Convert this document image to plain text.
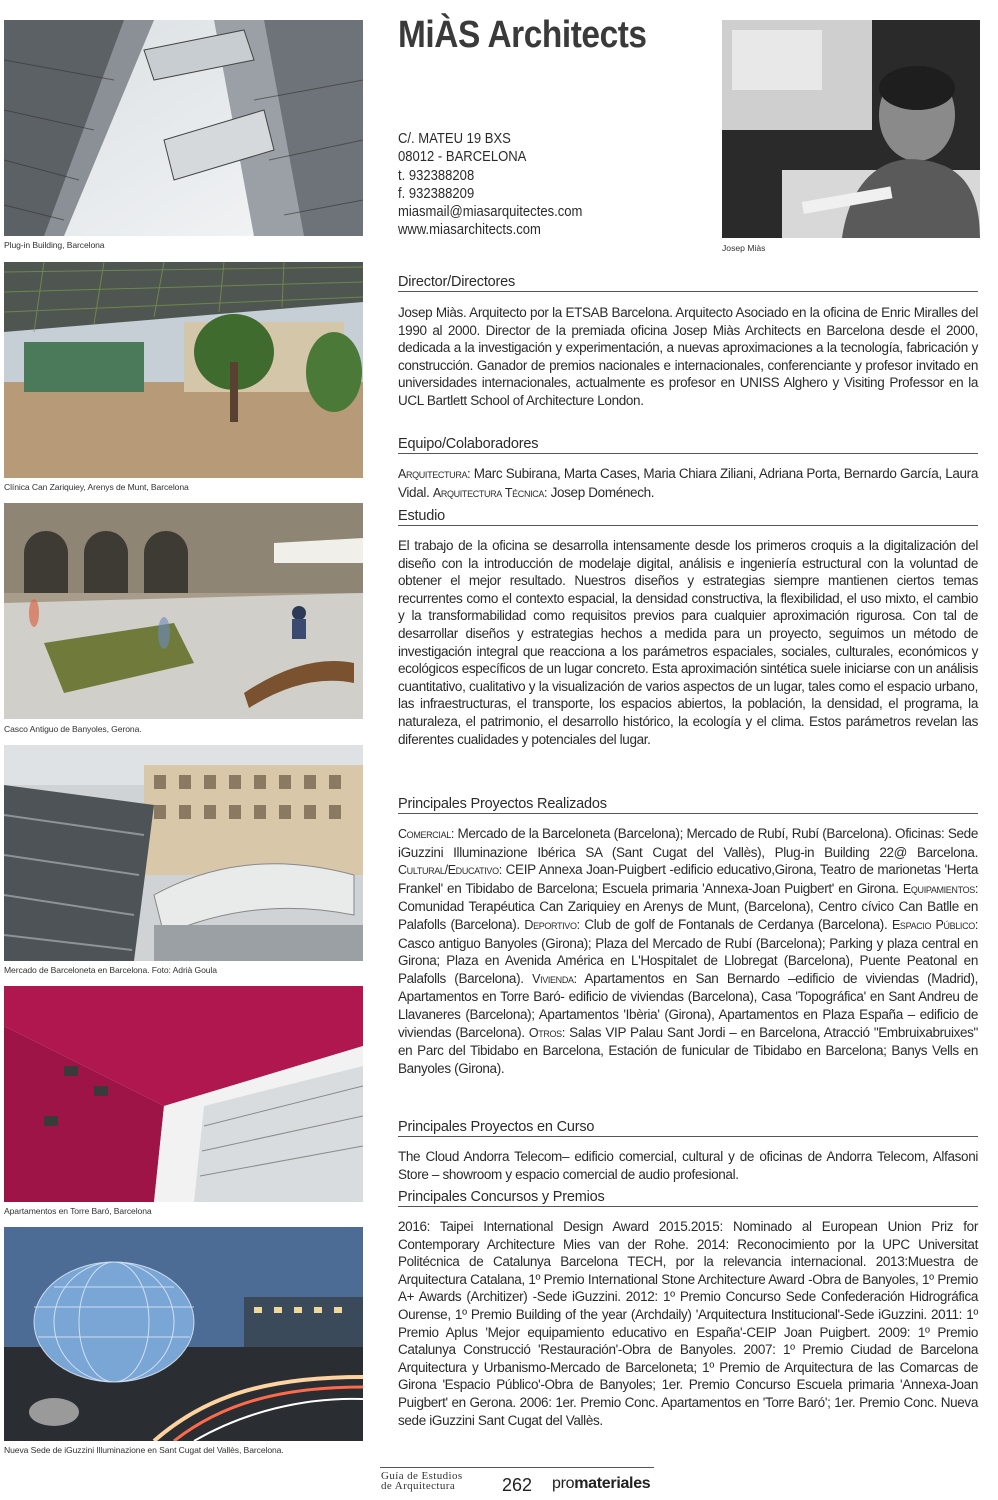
Plug-in Building, Barcelona
Clínica Can Zariquiey, Arenys de Munt, Barcelona
Casco Antiguo de Banyoles, Gerona.
Mercado de Barceloneta en Barcelona. Foto: Adrià Goula
Apartamentos en Torre Baró, Barcelona
Nueva Sede de iGuzzini Illuminazione en Sant Cugat del Vallès, Barcelona.
MiÀS Architects
C/. MATEU 19 BXS
08012 - BARCELONA
t. 932388208
f. 932388209
miasmail@miasarquitectes.com
www.miasarchitects.com
Josep Miàs
Director/Directores
Josep Miàs. Arquitecto por la ETSAB Barcelona. Arquitecto Asociado en la oficina de Enric Miralles del 1990 al 2000. Director de la premiada oficina Josep Miàs Architects en Barcelona desde el 2000, dedicada a la investigación y experimentación, a nuevas aproximaciones a la tecnología, fabricación y construcción. Ganador de premios nacionales e internacionales, conferenciante y profesor invitado en universidades internacionales, actualmente es profesor en UNISS Alghero y Visiting Professor en la UCL Bartlett School of Architecture London.
Equipo/Colaboradores
Arquitectura: Marc Subirana, Marta Cases, Maria Chiara Ziliani, Adriana Porta, Bernardo García, Laura Vidal. Arquitectura Técnica: Josep Doménech.
Estudio
El trabajo de la oficina se desarrolla intensamente desde los primeros croquis a la digitalización del diseño con la introducción de modelaje digital, análisis e ingeniería estructural con la voluntad de obtener el mejor resultado. Nuestros diseños y estrategias siempre mantienen ciertos temas recurrentes como el contexto espacial, la densidad constructiva, la flexibilidad, el uso mixto, el cambio y la transformabilidad como requisitos previos para cualquier aproximación rigurosa. Con tal de desarrollar diseños y estrategias hechos a medida para un proyecto, seguimos un método de investigación integral que reacciona a los parámetros espaciales, sociales, culturales, económicos y ecológicos específicos de un lugar concreto. Esta aproximación sintética suele iniciarse con un análisis cuantitativo, cualitativo y la visualización de varios aspectos de un lugar, tales como el espacio urbano, las infraestructuras, el transporte, los espacios abiertos, la población, la densidad, el programa, la naturaleza, el patrimonio, el desarrollo histórico, la ecología y el clima. Estos parámetros revelan las diferentes cualidades y potenciales del lugar.
Principales Proyectos Realizados
Comercial: Mercado de la Barceloneta (Barcelona); Mercado de Rubí, Rubí (Barcelona). Oficinas: Sede iGuzzini Illuminazione Ibérica SA (Sant Cugat del Vallès), Plug-in Building 22@ Barcelona. Cultural/Educativo: CEIP Annexa Joan-Puigbert -edificio educativo,Girona, Teatro de marionetas 'Herta Frankel' en Tibidabo de Barcelona; Escuela primaria 'Annexa-Joan Puigbert' en Girona. Equipamientos: Comunidad Terapéutica Can Zariquiey en Arenys de Munt, (Barcelona), Centro cívico Can Batlle en Palafolls (Barcelona). Deportivo: Club de golf de Fontanals de Cerdanya (Barcelona). Espacio Público: Casco antiguo Banyoles (Girona); Plaza del Mercado de Rubí (Barcelona); Parking y plaza central en Girona; Plaza en Avenida América en L'Hospitalet de Llobregat (Barcelona), Puente Peatonal en Palafolls (Barcelona). Vivienda: Apartamentos en San Bernardo –edificio de viviendas (Madrid), Apartamentos en Torre Baró- edificio de viviendas (Barcelona), Casa 'Topográfica' en Sant Andreu de Llavaneres (Barcelona); Apartamentos 'Ibèria' (Girona), Apartamentos en Plaza España – edificio de viviendas (Barcelona). Otros: Salas VIP Palau Sant Jordi – en Barcelona, Atracció "Embruixabruixes" en Parc del Tibidabo en Barcelona, Estación de funicular de Tibidabo en Barcelona; Banys Vells en Banyoles (Girona).
Principales Proyectos en Curso
The Cloud Andorra Telecom– edificio comercial, cultural y de oficinas de Andorra Telecom, Alfasoni Store – showroom y espacio comercial de audio profesional.
Principales Concursos y Premios
2016: Taipei International Design Award 2015.2015: Nominado al European Union Priz for Contemporary Architecture Mies van der Rohe. 2014: Reconocimiento por la UPC Universitat Politécnica de Catalunya Barcelona TECH, por la relevancia internacional. 2013:Muestra de Arquitectura Catalana, 1º Premio International Stone Architecture Award -Obra de Banyoles, 1º Premio A+ Awards (Architizer) -Sede iGuzzini. 2012: 1º Premio Concurso Sede Confederación Hidrográfica Ourense, 1º Premio Building of the year (Archdaily) 'Arquitectura Institucional'-Sede iGuzzini. 2011: 1º Premio Aplus 'Mejor equipamiento educativo en España'-CEIP Joan Puigbert. 2009: 1º Premio Catalunya Construcció 'Restauración'-Obra de Banyoles. 2007: 1º Premio Ciudad de Barcelona Arquitectura y Urbanismo-Mercado de Barceloneta; 1º Premio de Arquitectura de las Comarcas de Girona 'Espacio Público'-Obra de Banyoles; 1er. Premio Concurso Escuela primaria 'Annexa-Joan Puigbert' en Gerona. 2006: 1er. Premio Conc. Apartamentos en 'Torre Baró'; 1er. Premio Conc. Nueva sede iGuzzini Sant Cugat del Vallès.
Guía de Estudios
de Arquitectura	262 promateriales
